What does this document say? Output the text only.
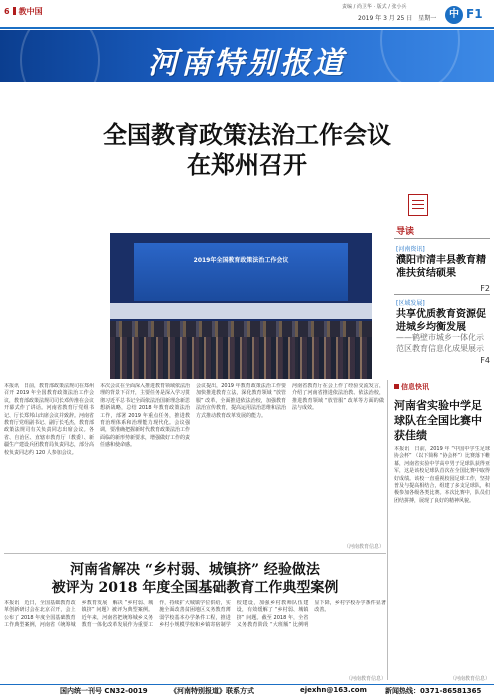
6 教中国	责编 / 尚卫华 · 版式 / 张小兵
2019 年 3 月 25 日　星期一	中 F1
河南特别报道
全国教育政策法治工作会议
在郑州召开
2019年全国教育政策法治工作会议
导读
[河南资讯]
濮阳市清丰县教育精准扶贫结硕果
F2
[区域发展]
共享优质教育资源促进城乡均衡发展
——鹤壁市城乡一体化示范区教育信息化成果展示
F4
本报讯　日前，教育部政策法规司在郑州召开 2019 年全国教育政策法治工作会议，教育部政策法规司司长邓传淮在会议开幕式作了讲话。河南省教育厅党组书记、厅长郑邦山出席会议并致辞。河南省教育厅党组副书记、副厅长毛杰，教育部政策法规司有关负责同志出席会议。各省、自治区、直辖市教育厅（教委）、新疆生产建设兵团教育局负责同志，部分高校负责同志约 120 人参加会议。
本次会议在全面深入推进教育领域依法治理的背景下召开，主要任务是深入学习贯彻习近平总书记全面依法治国新理念新思想新战略，总结 2018 年教育政策法治工作，部署 2019 年重点任务，推进教育治理体系和治理能力现代化。会议强调，要准确把握新时代教育政策法治工作面临的新形势新要求，增强做好工作的责任感和使命感。
会议提出，2019 年教育政策法治工作要加快推进教育立法，深化教育领域 “放管服” 改革，全面推进依法治校，加强教育法治宣传教育，提高运用法治思维和法治方式推动教育改革发展的能力。
河南省教育厅在会上作了经验交流发言，介绍了河南省推进依法治教、依法治校，推进教育领域 “放管服” 改革等方面的做法与成效。
（河南教育信息）
河南省解决 “乡村弱、城镇挤” 经验做法
被评为 2018 年度全国基础教育工作典型案例
本报讯　近日，全国基础教育改革创新研讨会在北京召开，会上公布了 2018 年度全国基础教育工作典型案例，河南省《统筹城乡教育发展　解决 “乡村弱、城镇挤” 问题》被评为典型案例。近年来，河南省把统筹城乡义务教育一体化改革发展作为重要工作，持续扩大城镇学位供给，实施全面改善贫困地区义务教育薄弱学校基本办学条件工程，推进乡村小规模学校和乡镇寄宿制学校建设，加强乡村教师队伍建设，有效缓解了 “乡村弱、城镇挤” 问题。截至 2018 年，全省义务教育阶段 “大班额” 比例明显下降，乡村学校办学条件显著改善。
（河南教育信息）
信息快讯
河南省实验中学足球队在全国比赛中获佳绩
本报讯　日前，2019 年 “中国中学生足球协会杯” （以下简称 “协会杯”）比赛落下帷幕，河南省实验中学高中男子足球队获得亚军，这是该校足球队首次在全国比赛中取得好成绩。该校一直重视校园足球工作，坚持普及与提高相结合，组建了多支足球队，积极参加各级各类比赛。本次比赛中，队员们团结拼搏，展现了良好的精神风貌。
（河南教育信息）
国内统一刊号 CN32-0019	《河南特别报道》联系方式	ejexhn@163.com	新闻热线：0371-86581365
